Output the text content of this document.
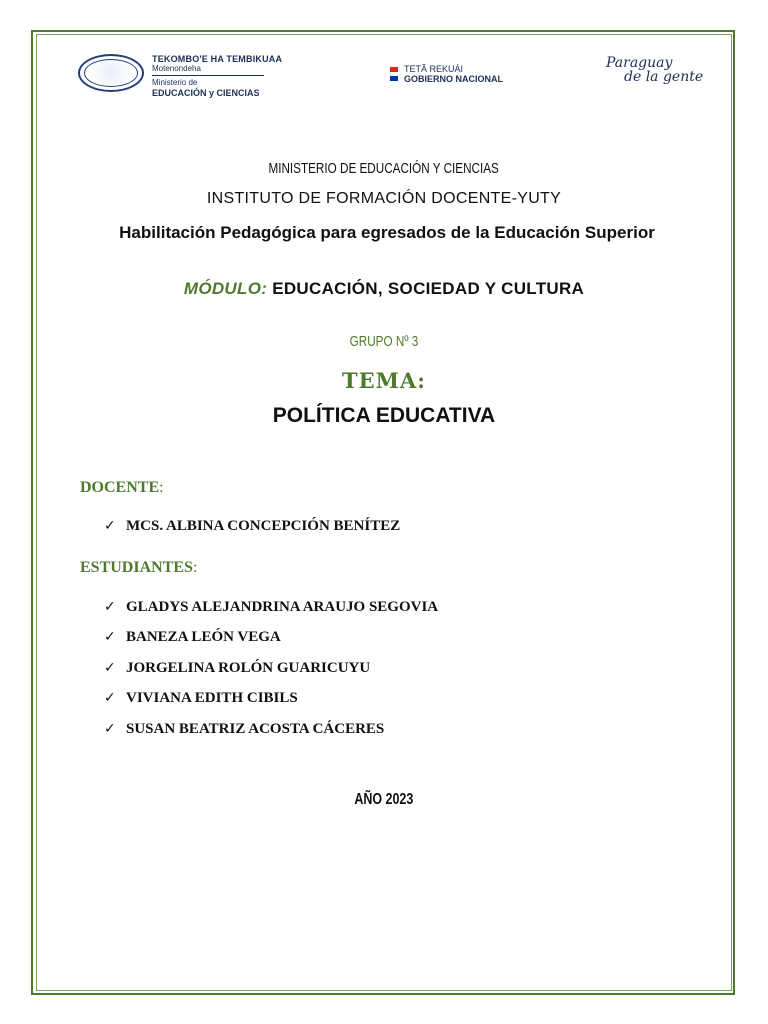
TEKOMBO'E HA TEMBIKUAA
Motenondeha
Ministerio de
EDUCACIÓN y CIENCIAS
TETÃ REKUÁI
GOBIERNO NACIONAL
Paraguay
de la gente
MINISTERIO DE EDUCACIÓN Y CIENCIAS
INSTITUTO DE FORMACIÓN DOCENTE-YUTY
Habilitación Pedagógica para egresados de la Educación Superior
MÓDULO: EDUCACIÓN, SOCIEDAD Y CULTURA
GRUPO Nº 3
TEMA:
POLÍTICA EDUCATIVA
DOCENTE:
✓ MCS. ALBINA CONCEPCIÓN BENÍTEZ
ESTUDIANTES:
✓ GLADYS ALEJANDRINA ARAUJO SEGOVIA
✓ BANEZA LEÓN VEGA
✓ JORGELINA ROLÓN GUARICUYU
✓ VIVIANA EDITH CIBILS
✓ SUSAN BEATRIZ ACOSTA CÁCERES
AÑO 2023
